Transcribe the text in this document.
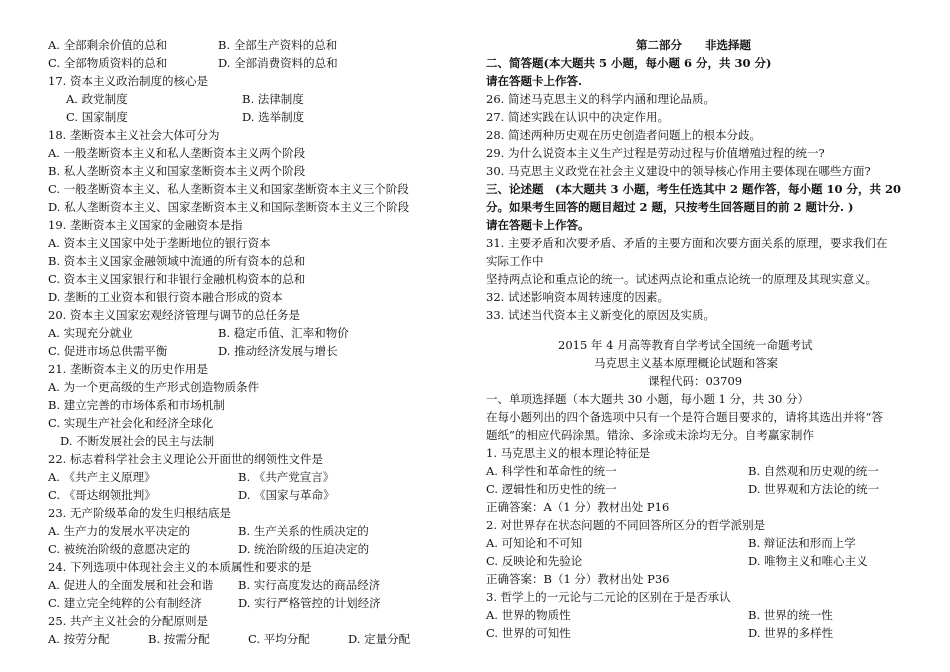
A. 全部剩余价值的总和	B. 全部生产资料的总和
C. 全部物质资料的总和	D. 全部消费资料的总和
17. 资本主义政治制度的核心是
A. 政党制度	B. 法律制度
C. 国家制度	D. 选举制度
18. 垄断资本主义社会大体可分为
A. 一般垄断资本主义和私人垄断资本主义两个阶段
B. 私人垄断资本主义和国家垄断资本主义两个阶段
C. 一般垄断资本主义、私人垄断资本主义和国家垄断资本主义三个阶段
D. 私人垄断资本主义、国家垄断资本主义和国际垄断资本主义三个阶段
19. 垄断资本主义国家的金融资本是指
A. 资本主义国家中处于垄断地位的银行资本
B. 资本主义国家金融领域中流通的所有资本的总和
C. 资本主义国家银行和非银行金融机构资本的总和
D. 垄断的工业资本和银行资本融合形成的资本
20. 资本主义国家宏观经济管理与调节的总任务是
A. 实现充分就业	B. 稳定币值、汇率和物价
C. 促进市场总供需平衡	D. 推动经济发展与增长
21. 垄断资本主义的历史作用是
A. 为一个更高级的生产形式创造物质条件
B. 建立完善的市场体系和市场机制
C. 实现生产社会化和经济全球化
D. 不断发展社会的民主与法制
22. 标志着科学社会主义理论公开面世的纲领性文件是
A. 《共产主义原理》	B. 《共产党宣言》
C. 《哥达纲领批判》	D. 《国家与革命》
23. 无产阶级革命的发生归根结底是
A. 生产力的发展水平决定的	B. 生产关系的性质决定的
C. 被统治阶级的意愿决定的	D. 统治阶级的压迫决定的
24. 下列选项中体现社会主义的本质属性和要求的是
A. 促进人的全面发展和社会和谐 B. 实行高度发达的商品经济
C. 建立完全纯粹的公有制经济	D. 实行严格管控的计划经济
25. 共产主义社会的分配原则是
A. 按劳分配	B. 按需分配	C. 平均分配	D. 定量分配
第二部分　　非选择题
二、简答题(本大题共 5 小题，每小题 6 分，共 30 分)
请在答题卡上作答.
26. 简述马克思主义的科学内涵和理论品质。
27. 简述实践在认识中的决定作用。
28. 简述两种历史观在历史创造者问题上的根本分歧。
29. 为什么说资本主义生产过程是劳动过程与价值增殖过程的统一?
30. 马克思主义政党在社会主义建设中的领导核心作用主要体现在哪些方面?
三、论述题　(本大题共 3 小题，考生任选其中 2 题作答，每小题 10 分，共 20
分。如果考生回答的题目超过 2 题，只按考生回答题目的前 2 题计分. )
请在答题卡上作答。
31. 主要矛盾和次要矛盾、矛盾的主要方面和次要方面关系的原理，要求我们在
实际工作中
坚持两点论和重点论的统一。试述两点论和重点论统一的原理及其现实意义。
32. 试述影响资本周转速度的因素。
33. 试述当代资本主义新变化的原因及实质。
2015 年 4 月高等教育自学考试全国统一命题考试
马克思主义基本原理概论试题和答案
课程代码：03709
一、单项选择题（本大题共 30 小题，每小题 1 分，共 30 分）
在每小题列出的四个备选项中只有一个是符合题目要求的，请将其选出并将“答
题纸”的相应代码涂黑。错涂、多涂或未涂均无分。自考赢家制作
1. 马克思主义的根本理论特征是
A. 科学性和革命性的统一	B. 自然观和历史观的统一
C. 逻辑性和历史性的统一	D. 世界观和方法论的统一
正确答案：A（1 分）教材出处 P16
2. 对世界存在状态问题的不同回答所区分的哲学派别是
A. 可知论和不可知	B. 辩证法和形而上学
C. 反映论和先验论	D. 唯物主义和唯心主义
正确答案：B（1 分）教材出处 P36
3. 哲学上的一元论与二元论的区别在于是否承认
A. 世界的物质性	B. 世界的统一性
C. 世界的可知性	D. 世界的多样性
